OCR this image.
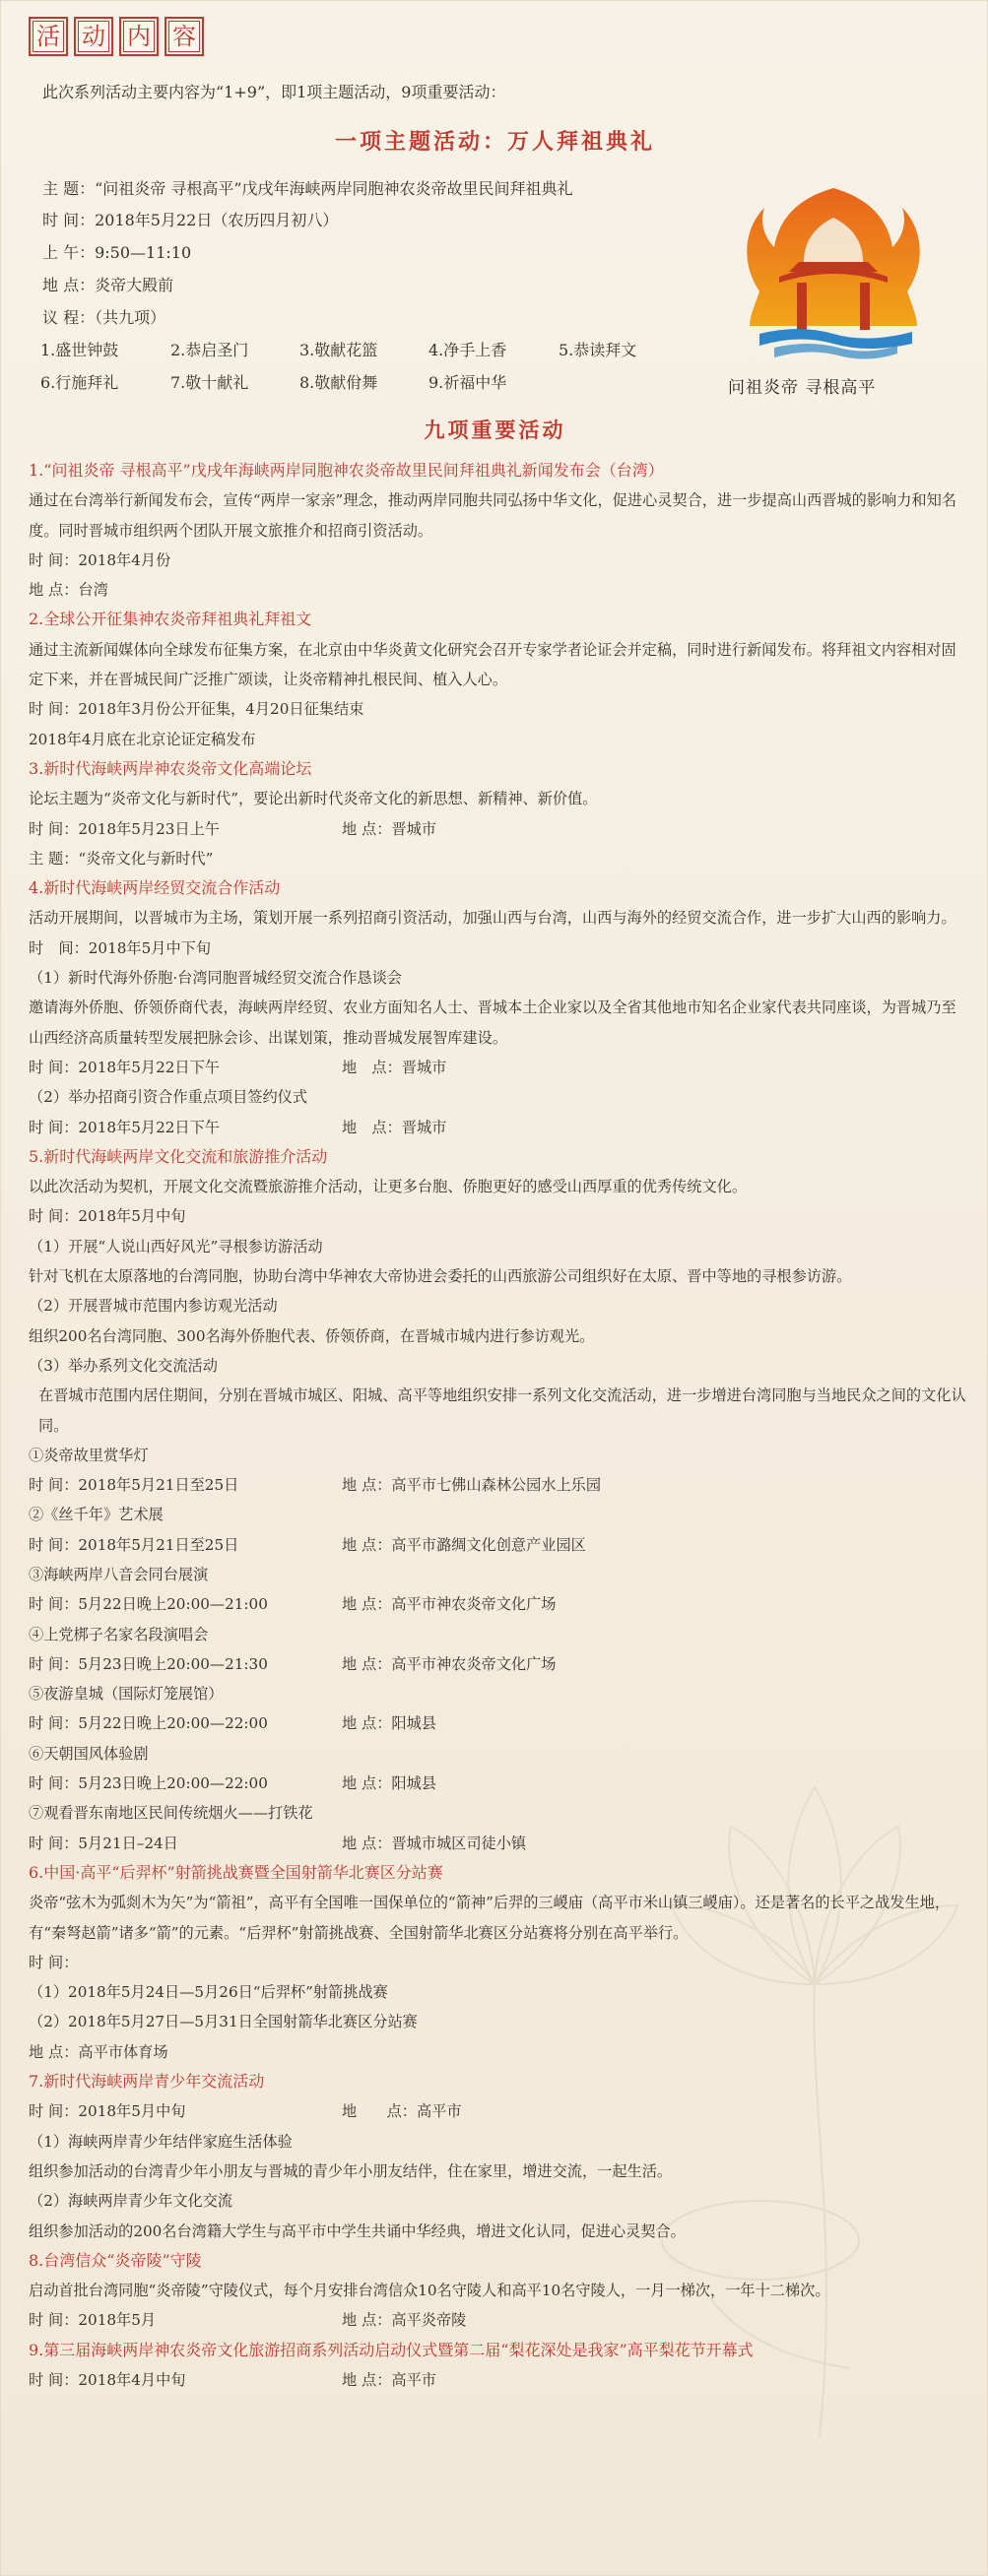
活 动 内 容
此次系列活动主要内容为“1+9”，即1项主题活动，9项重要活动：
一项主题活动：万人拜祖典礼
主 题：“问祖炎帝 寻根高平”戊戌年海峡两岸同胞神农炎帝故里民间拜祖典礼
时 间：2018年5月22日（农历四月初八）
上 午：9:50—11:10
地 点：炎帝大殿前
议 程：（共九项）
1.盛世钟鼓	2.恭启圣门	3.敬献花篮	4.净手上香	5.恭读拜文
6.行施拜礼	7.敬十献礼	8.敬献佾舞	9.祈福中华	问祖炎帝 寻根高平
九项重要活动
1.“问祖炎帝 寻根高平”戊戌年海峡两岸同胞神农炎帝故里民间拜祖典礼新闻发布会（台湾）
通过在台湾举行新闻发布会，宣传“两岸一家亲”理念，推动两岸同胞共同弘扬中华文化，促进心灵契合，进一步提高山西晋城的影响力和知名度。同时晋城市组织两个团队开展文旅推介和招商引资活动。
时 间：2018年4月份
地 点：台湾
2.全球公开征集神农炎帝拜祖典礼拜祖文
通过主流新闻媒体向全球发布征集方案，在北京由中华炎黄文化研究会召开专家学者论证会并定稿，同时进行新闻发布。将拜祖文内容相对固定下来，并在晋城民间广泛推广颂读，让炎帝精神扎根民间、植入人心。
时 间：2018年3月份公开征集，4月20日征集结束
2018年4月底在北京论证定稿发布
3.新时代海峡两岸神农炎帝文化高端论坛
论坛主题为“炎帝文化与新时代”，要论出新时代炎帝文化的新思想、新精神、新价值。
时 间：2018年5月23日上午	地 点：晋城市
主 题：“炎帝文化与新时代”
4.新时代海峡两岸经贸交流合作活动
活动开展期间，以晋城市为主场，策划开展一系列招商引资活动，加强山西与台湾，山西与海外的经贸交流合作，进一步扩大山西的影响力。
时　间：2018年5月中下旬
（1）新时代海外侨胞·台湾同胞晋城经贸交流合作恳谈会
邀请海外侨胞、侨领侨商代表，海峡两岸经贸、农业方面知名人士、晋城本土企业家以及全省其他地市知名企业家代表共同座谈，为晋城乃至山西经济高质量转型发展把脉会诊、出谋划策，推动晋城发展智库建设。
时 间：2018年5月22日下午	地　点：晋城市
（2）举办招商引资合作重点项目签约仪式
时 间：2018年5月22日下午	地　点：晋城市
5.新时代海峡两岸文化交流和旅游推介活动
以此次活动为契机，开展文化交流暨旅游推介活动，让更多台胞、侨胞更好的感受山西厚重的优秀传统文化。
时 间：2018年5月中旬
（1）开展“人说山西好风光”寻根参访游活动
针对飞机在太原落地的台湾同胞，协助台湾中华神农大帝协进会委托的山西旅游公司组织好在太原、晋中等地的寻根参访游。
（2）开展晋城市范围内参访观光活动
组织200名台湾同胞、300名海外侨胞代表、侨领侨商，在晋城市城内进行参访观光。
（3）举办系列文化交流活动
在晋城市范围内居住期间，分别在晋城市城区、阳城、高平等地组织安排一系列文化交流活动，进一步增进台湾同胞与当地民众之间的文化认同。
①炎帝故里赏华灯
时 间：2018年5月21日至25日	地 点：高平市七佛山森林公园水上乐园
②《丝千年》艺术展
时 间：2018年5月21日至25日	地 点：高平市潞绸文化创意产业园区
③海峡两岸八音会同台展演
时 间：5月22日晚上20:00—21:00	地 点：高平市神农炎帝文化广场
④上党梆子名家名段演唱会
时 间：5月23日晚上20:00—21:30	地 点：高平市神农炎帝文化广场
⑤夜游皇城（国际灯笼展馆）
时 间：5月22日晚上20:00—22:00	地 点：阳城县
⑥天朝国风体验剧
时 间：5月23日晚上20:00—22:00	地 点：阳城县
⑦观看晋东南地区民间传统烟火——打铁花
时 间：5月21日–24日	地 点：晋城市城区司徒小镇
6.中国·高平“后羿杯”射箭挑战赛暨全国射箭华北赛区分站赛
炎帝“弦木为弧剡木为矢”为“箭祖”，高平有全国唯一国保单位的“箭神”后羿的三嵕庙（高平市米山镇三嵕庙）。还是著名的长平之战发生地，有“秦弩赵箭”诸多“箭”的元素。“后羿杯”射箭挑战赛、全国射箭华北赛区分站赛将分别在高平举行。
时 间：
（1）2018年5月24日—5月26日“后羿杯”射箭挑战赛
（2）2018年5月27日—5月31日全国射箭华北赛区分站赛
地 点：高平市体育场
7.新时代海峡两岸青少年交流活动
时 间：2018年5月中旬	地　　点：高平市
（1）海峡两岸青少年结伴家庭生活体验
组织参加活动的台湾青少年小朋友与晋城的青少年小朋友结伴，住在家里，增进交流，一起生活。
（2）海峡两岸青少年文化交流
组织参加活动的200名台湾籍大学生与高平市中学生共诵中华经典，增进文化认同，促进心灵契合。
8.台湾信众“炎帝陵”守陵
启动首批台湾同胞“炎帝陵”守陵仪式，每个月安排台湾信众10名守陵人和高平10名守陵人，一月一梯次，一年十二梯次。
时 间：2018年5月	地 点：高平炎帝陵
9.第三届海峡两岸神农炎帝文化旅游招商系列活动启动仪式暨第二届“梨花深处是我家”高平梨花节开幕式
时 间：2018年4月中旬	地 点：高平市
